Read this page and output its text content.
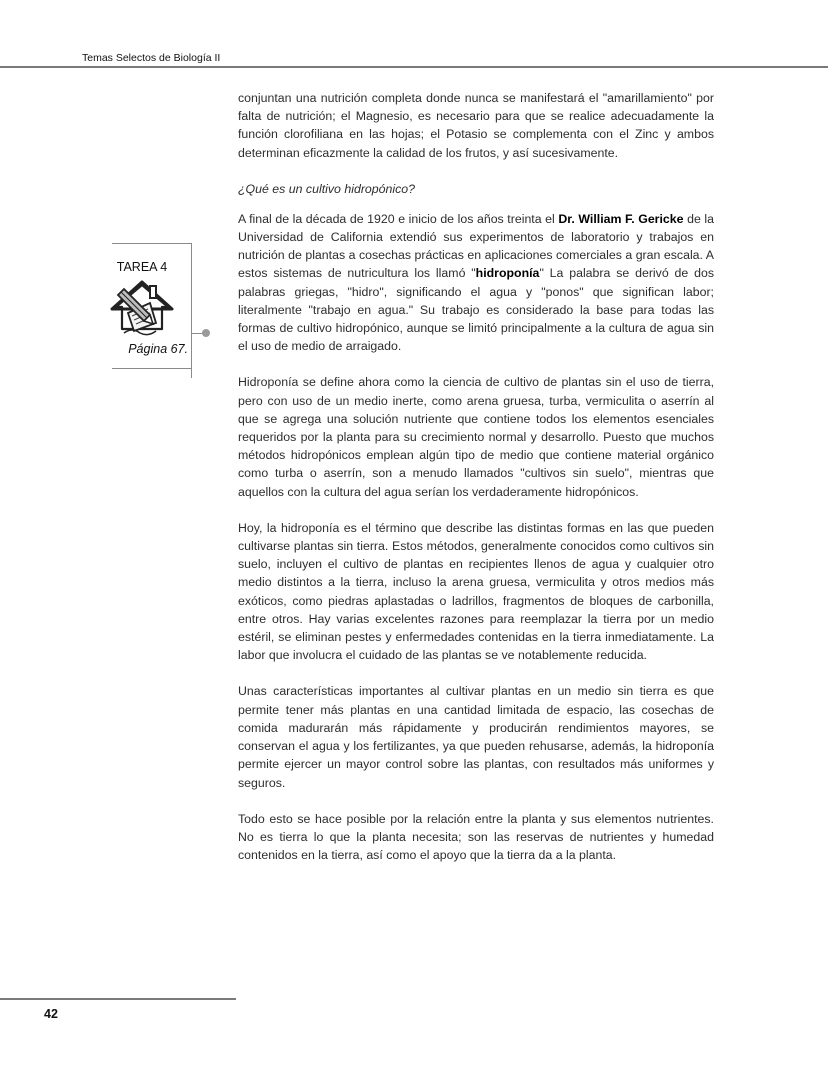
Temas Selectos de Biología II
TAREA 4
Página 67.

conjuntan una nutrición completa donde nunca se manifestará el "amarillamiento" por falta de nutrición; el Magnesio, es necesario para que se realice adecuadamente la función clorofiliana en las hojas; el Potasio se complementa con el Zinc y ambos determinan eficazmente la calidad de los frutos, y así sucesivamente.

¿Qué es un cultivo hidropónico?

A final de la década de 1920 e inicio de los años treinta el Dr. William F. Gericke de la Universidad de California extendió sus experimentos de laboratorio y trabajos en nutrición de plantas a cosechas prácticas en aplicaciones comerciales a gran escala. A estos sistemas de nutricultura los llamó "hidroponía" La palabra se derivó de dos palabras griegas, "hidro", significando el agua y "ponos" que significan labor; literalmente "trabajo en agua." Su trabajo es considerado la base para todas las formas de cultivo hidropónico, aunque se limitó principalmente a la cultura de agua sin el uso de medio de arraigado.

Hidroponía se define ahora como la ciencia de cultivo de plantas sin el uso de tierra, pero con uso de un medio inerte, como arena gruesa, turba, vermiculita o aserrín al que se agrega una solución nutriente que contiene todos los elementos esenciales requeridos por la planta para su crecimiento normal y desarrollo. Puesto que muchos métodos hidropónicos emplean algún tipo de medio que contiene material orgánico como turba o aserrín, son a menudo llamados "cultivos sin suelo", mientras que aquellos con la cultura del agua serían los verdaderamente hidropónicos.

Hoy, la hidroponía es el término que describe las distintas formas en las que pueden cultivarse plantas sin tierra. Estos métodos, generalmente conocidos como cultivos sin suelo, incluyen el cultivo de plantas en recipientes llenos de agua y cualquier otro medio distintos a la tierra, incluso la arena gruesa, vermiculita y otros medios más exóticos, como piedras aplastadas o ladrillos, fragmentos de bloques de carbonilla, entre otros. Hay varias excelentes razones para reemplazar la tierra por un medio estéril, se eliminan pestes y enfermedades contenidas en la tierra inmediatamente. La labor que involucra el cuidado de las plantas se ve notablemente reducida.

Unas características importantes al cultivar plantas en un medio sin tierra es que permite tener más plantas en una cantidad limitada de espacio, las cosechas de comida madurarán más rápidamente y producirán rendimientos mayores, se conservan el agua y los fertilizantes, ya que pueden rehusarse, además, la hidroponía permite ejercer un mayor control sobre las plantas, con resultados más uniformes y seguros.

Todo esto se hace posible por la relación entre la planta y sus elementos nutrientes. No es tierra lo que la planta necesita; son las reservas de nutrientes y humedad contenidos en la tierra, así como el apoyo que la tierra da a la planta.

42
